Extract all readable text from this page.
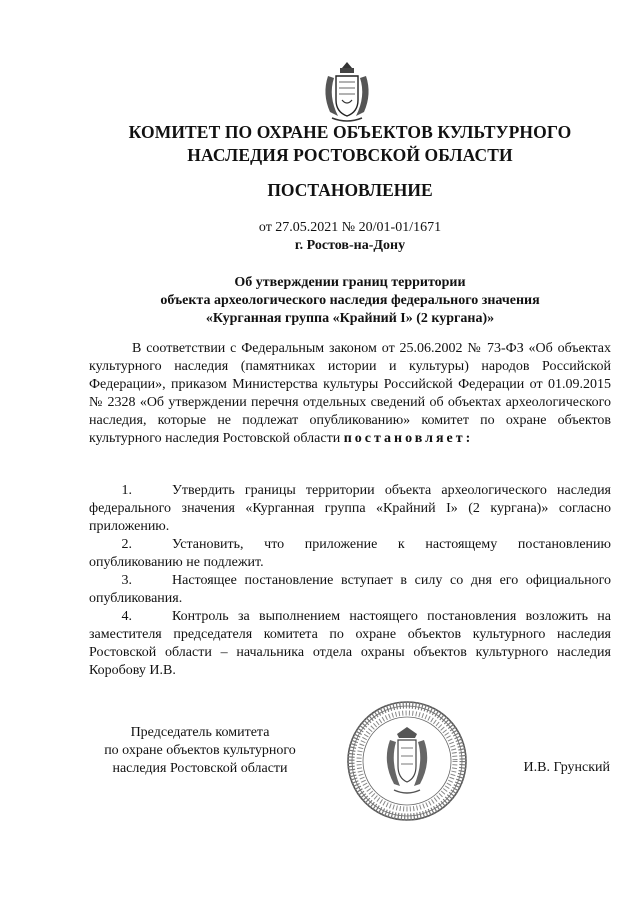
КОМИТЕТ ПО ОХРАНЕ ОБЪЕКТОВ КУЛЬТУРНОГО
НАСЛЕДИЯ РОСТОВСКОЙ ОБЛАСТИ
ПОСТАНОВЛЕНИЕ
от 27.05.2021 № 20/01-01/1671
г. Ростов-на-Дону
Об утверждении границ территории
объекта археологического наследия федерального значения
«Курганная группа «Крайний I» (2 кургана)»
В соответствии с Федеральным законом от 25.06.2002 № 73-ФЗ «Об объектах культурного наследия (памятниках истории и культуры) народов Российской Федерации», приказом Министерства культуры Российской Федерации от 01.09.2015 № 2328 «Об утверждении перечня отдельных сведений об объектах археологического наследия, которые не подлежат опубликованию» комитет по охране объектов культурного наследия Ростовской области постановляет:
1.	Утвердить границы территории объекта археологического наследия федерального значения «Курганная группа «Крайний I» (2 кургана)» согласно приложению.
2.	Установить, что приложение к настоящему постановлению опубликованию не подлежит.
3.	Настоящее постановление вступает в силу со дня его официального опубликования.
4.	Контроль за выполнением настоящего постановления возложить на заместителя председателя комитета по охране объектов культурного наследия Ростовской области – начальника отдела охраны объектов культурного наследия Коробову И.В.
Председатель комитета
по охране объектов культурного
наследия Ростовской области	И.В. Грунский
